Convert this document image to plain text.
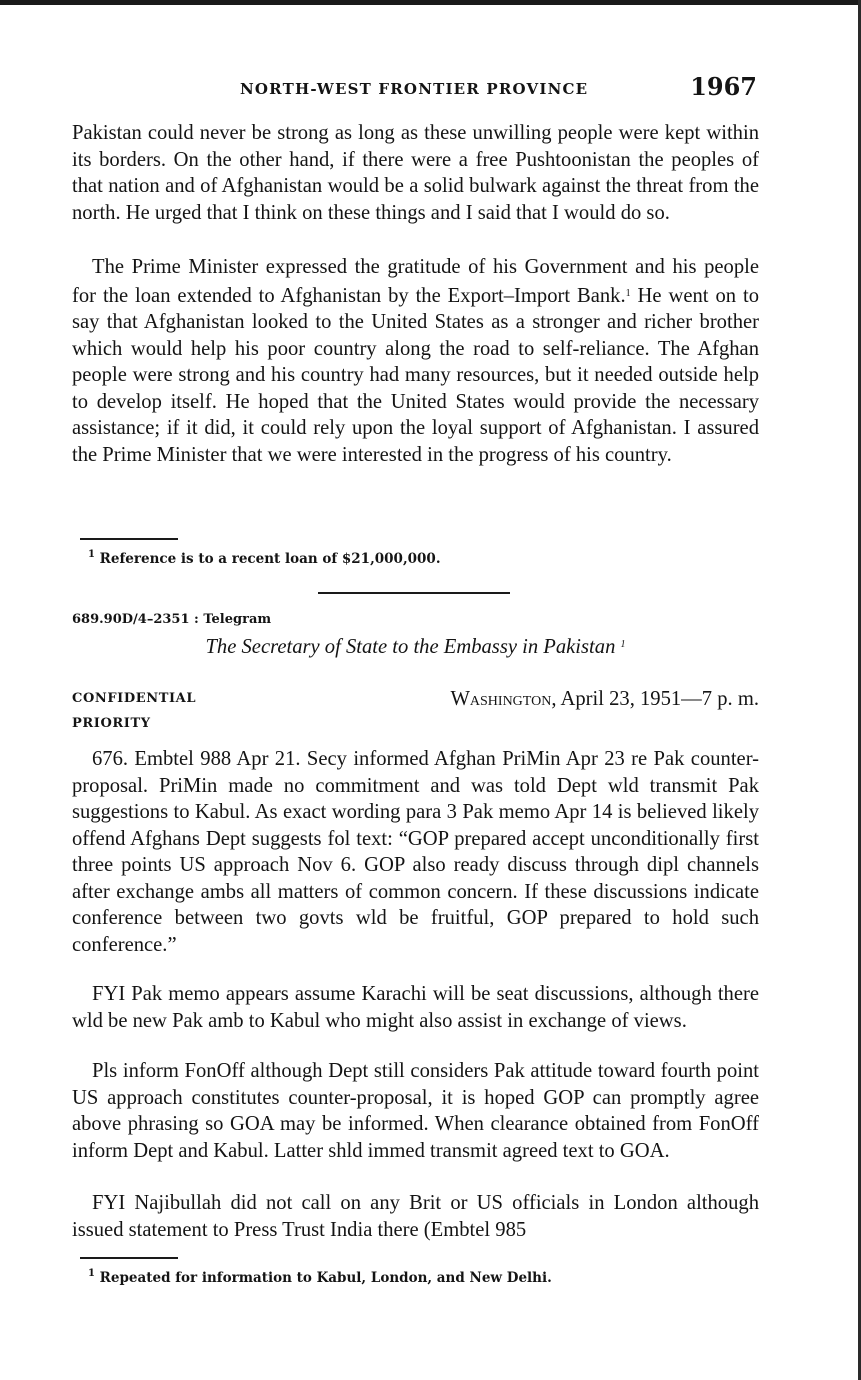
NORTH-WEST FRONTIER PROVINCE	1967

Pakistan could never be strong as long as these unwilling people were kept within its borders. On the other hand, if there were a free Pushtoonistan the peoples of that nation and of Afghanistan would be a solid bulwark against the threat from the north. He urged that I think on these things and I said that I would do so.

The Prime Minister expressed the gratitude of his Government and his people for the loan extended to Afghanistan by the Export–Import Bank.$^1$ He went on to say that Afghanistan looked to the United States as a stronger and richer brother which would help his poor country along the road to self-reliance. The Afghan people were strong and his country had many resources, but it needed outside help to develop itself. He hoped that the United States would provide the necessary assistance; if it did, it could rely upon the loyal support of Afghanistan. I assured the Prime Minister that we were interested in the progress of his country.

$^1$ Reference is to a recent loan of $21,000,000.
689.90D/4–2351 : Telegram
The Secretary of State to the Embassy in Pakistan $^1$
CONFIDENTIAL
PRIORITY
Washington, April 23, 1951—7 p. m.

676. Embtel 988 Apr 21. Secy informed Afghan PriMin Apr 23 re Pak counter-proposal. PriMin made no commitment and was told Dept wld transmit Pak suggestions to Kabul. As exact wording para 3 Pak memo Apr 14 is believed likely offend Afghans Dept suggests fol text: “GOP prepared accept unconditionally first three points US approach Nov 6. GOP also ready discuss through dipl channels after exchange ambs all matters of common concern. If these discussions indicate conference between two govts wld be fruitful, GOP prepared to hold such conference.”

FYI Pak memo appears assume Karachi will be seat discussions, although there wld be new Pak amb to Kabul who might also assist in exchange of views.

Pls inform FonOff although Dept still considers Pak attitude toward fourth point US approach constitutes counter-proposal, it is hoped GOP can promptly agree above phrasing so GOA may be informed. When clearance obtained from FonOff inform Dept and Kabul. Latter shld immed transmit agreed text to GOA.

FYI Najibullah did not call on any Brit or US officials in London although issued statement to Press Trust India there (Embtel 985

$^1$ Repeated for information to Kabul, London, and New Delhi.
